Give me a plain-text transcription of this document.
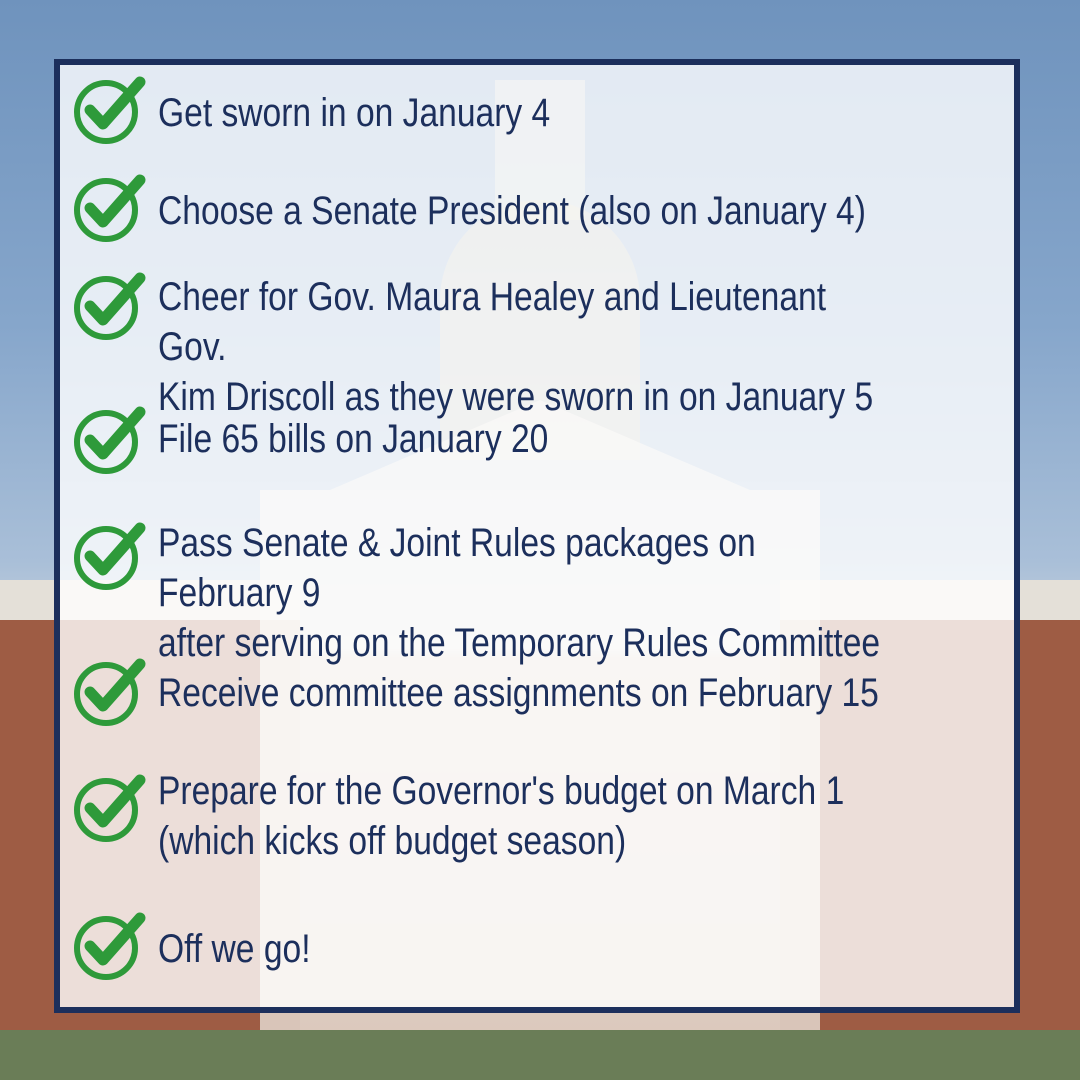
Get sworn in on January 4
Choose a Senate President (also on January 4)
Cheer for Gov. Maura Healey and Lieutenant Gov.
Kim Driscoll as they were sworn in on January 5
File 65 bills on January 20
Pass Senate & Joint Rules packages on February 9
after serving on the Temporary Rules Committee
Receive committee assignments on February 15
Prepare for the Governor's budget on March 1
(which kicks off budget season)
Off we go!
